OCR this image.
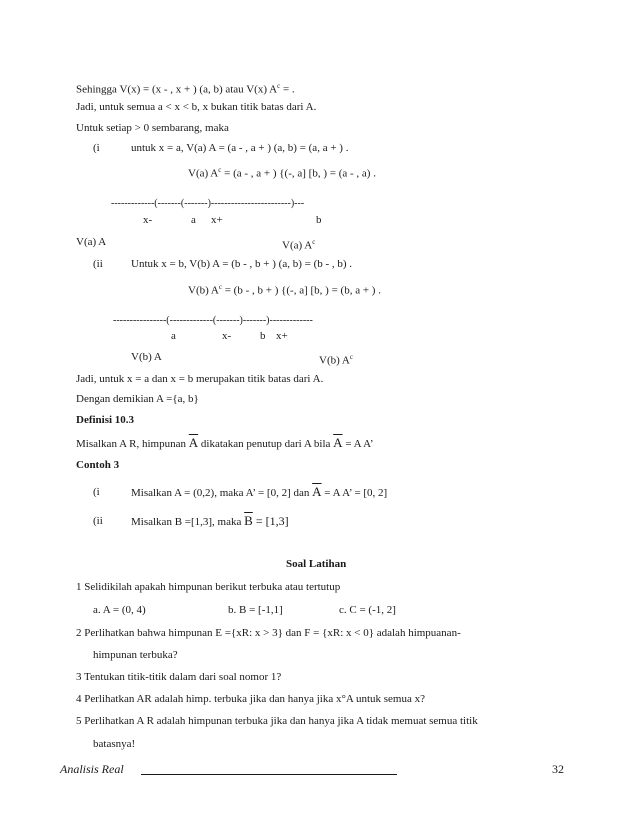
Sehingga V(x) = (x - , x + ) (a, b) atau V(x) $A^c$ = .
Jadi, untuk semua a < x < b, x bukan titik batas dari A.
Untuk setiap > 0 sembarang, maka
(i	untuk x = a, V(a) A = (a - , a + ) (a, b) = (a, a + ) .
V(a) $A^c = (a$ - , a + ) {(-, a] [b, ) = (a - , a) .
-------------(-------(-------)------------------------)---
x-	a x+	b
V(a) A	V(a) $A^c$
(ii	Untuk x = b, V(b) A = (b - , b + ) (a, b) = (b - , b) .
V(b) $A^c = (b$ - , b + ) {(-, a] [b, ) = (b, a + ) .
----------------(-------------(-------)-------)-------------
a	x-	b x+
V(b) A	V(b) $A^c$
Jadi, untuk x = a dan x = b merupakan titik batas dari A.
Dengan demikian A ={a, b}
Definisi 10.3
Misalkan A R, himpunan $\overline{A}$ dikatakan penutup dari A bila $\overline{A} = A$ A’
Contoh 3
(i	Misalkan A = (0,2), maka A’ = [0, 2] dan $\overline{A} = A$ A’ = [0, 2]
(ii	Misalkan B =[1,3], maka $\overline{B} = [1,3]$
Soal Latihan
1 Selidikilah apakah himpunan berikut terbuka atau tertutup
a. A = (0, 4)	b. B = [-1,1]	c. C = (-1, 2]
2 Perlihatkan bahwa himpunan E ={xR: x > 3} dan F = {xR: x < 0} adalah himpuanan-
himpunan terbuka?
3 Tentukan titik-titik dalam dari soal nomor 1?
4 Perlihatkan AR adalah himp. terbuka jika dan hanya jika x°A untuk semua x?
5 Perlihatkan A R adalah himpunan terbuka jika dan hanya jika A tidak memuat semua titik
batasnya!
Analisis Real	32
